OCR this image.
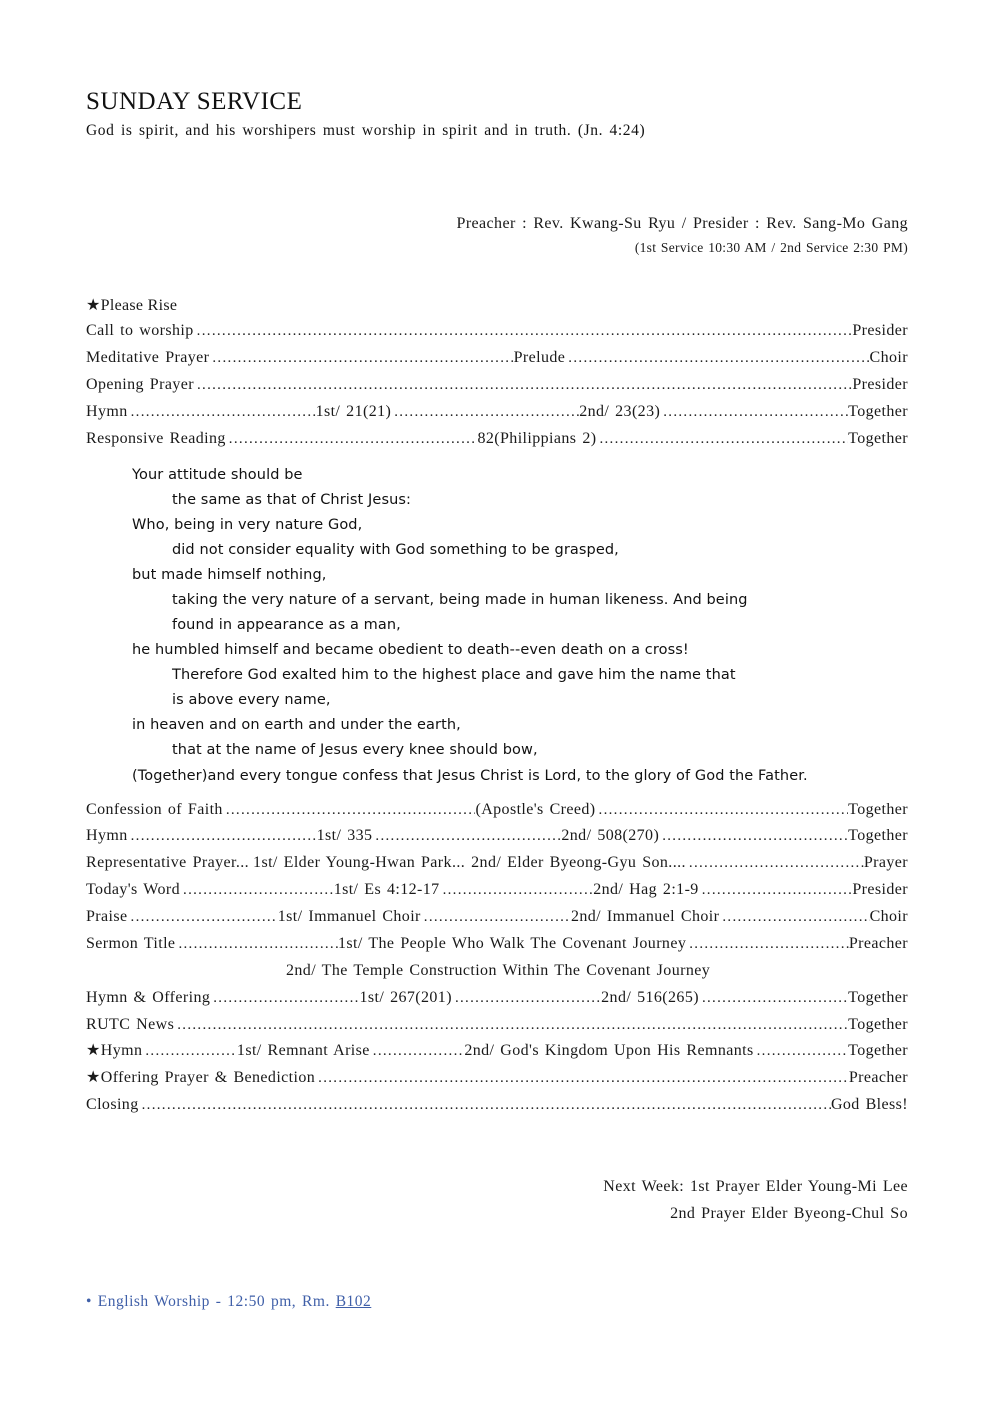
SUNDAY SERVICE

God is spirit, and his worshipers must worship in spirit and in truth. (Jn. 4:24)

Preacher : Rev. Kwang-Su Ryu / Presider : Rev. Sang-Mo Gang
(1st Service 10:30 AM / 2nd Service 2:30 PM)
★Please Rise
Call to worship .....	Presider
Meditative Prayer .....	Prelude .....	Choir
Opening Prayer .....	Presider
Hymn .....	1st/ 21(21) .....	2nd/ 23(23) .....	Together
Responsive Reading .....	82(Philippians 2) .....	Together
Your attitude should be
the same as that of Christ Jesus:
Who, being in very nature God,
did not consider equality with God something to be grasped,
but made himself nothing,
taking the very nature of a servant, being made in human likeness. And being
found in appearance as a man,
he humbled himself and became obedient to death--even death on a cross!
Therefore God exalted him to the highest place and gave him the name that
is above every name,
in heaven and on earth and under the earth,
that at the name of Jesus every knee should bow,
(Together)and every tongue confess that Jesus Christ is Lord, to the glory of God the Father.
Confession of Faith .....	(Apostle's Creed) .....	Together
Hymn .....	1st/ 335 .....	2nd/ 508(270) .....	Together
Representative Prayer... 1st/ Elder Young-Hwan Park... 2nd/ Elder Byeong-Gyu Son.... .....	Prayer
Today's Word .....	1st/ Es 4:12-17 .....	2nd/ Hag 2:1-9 .....	Presider
Praise .....	1st/ Immanuel Choir .....	2nd/ Immanuel Choir .....	Choir
Sermon Title .....	1st/ The People Who Walk The Covenant Journey .....	Preacher
2nd/ The Temple Construction Within The Covenant Journey
Hymn & Offering .....	1st/ 267(201) .....	2nd/ 516(265) .....	Together
RUTC News .....	Together
★Hymn .....	1st/ Remnant Arise .....	2nd/ God's Kingdom Upon His Remnants .....	Together
★Offering Prayer & Benediction .....	Preacher
Closing .....	God Bless!
Next Week: 1st Prayer Elder Young-Mi Lee
2nd Prayer Elder Byeong-Chul So
• English Worship - 12:50 pm, Rm. B102
